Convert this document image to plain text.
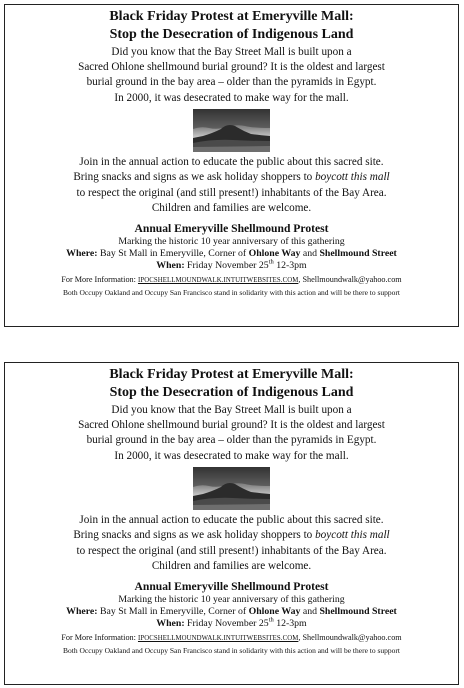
Black Friday Protest at Emeryville Mall:
Stop the Desecration of Indigenous Land
Did you know that the Bay Street Mall is built upon a
Sacred Ohlone shellmound burial ground? It is the oldest and largest
burial ground in the bay area – older than the pyramids in Egypt.
In 2000, it was desecrated to make way for the mall.
Join in the annual action to educate the public about this sacred site.
Bring snacks and signs as we ask holiday shoppers to boycott this mall
to respect the original (and still present!) inhabitants of the Bay Area.
Children and families are welcome.
Annual Emeryville Shellmound Protest
Marking the historic 10 year anniversary of this gathering
Where: Bay St Mall in Emeryville, Corner of Ohlone Way and Shellmound Street
When: Friday November 25th 12-3pm
For More Information: IPOCSHELLMOUNDWALK.INTUITWEBSITES.COM, Shellmoundwalk@yahoo.com
Both Occupy Oakland and Occupy San Francisco stand in solidarity with this action and will be there to support
Black Friday Protest at Emeryville Mall:
Stop the Desecration of Indigenous Land
Did you know that the Bay Street Mall is built upon a
Sacred Ohlone shellmound burial ground? It is the oldest and largest
burial ground in the bay area – older than the pyramids in Egypt.
In 2000, it was desecrated to make way for the mall.
Join in the annual action to educate the public about this sacred site.
Bring snacks and signs as we ask holiday shoppers to boycott this mall
to respect the original (and still present!) inhabitants of the Bay Area.
Children and families are welcome.
Annual Emeryville Shellmound Protest
Marking the historic 10 year anniversary of this gathering
Where: Bay St Mall in Emeryville, Corner of Ohlone Way and Shellmound Street
When: Friday November 25th 12-3pm
For More Information: IPOCSHELLMOUNDWALK.INTUITWEBSITES.COM, Shellmoundwalk@yahoo.com
Both Occupy Oakland and Occupy San Francisco stand in solidarity with this action and will be there to support
